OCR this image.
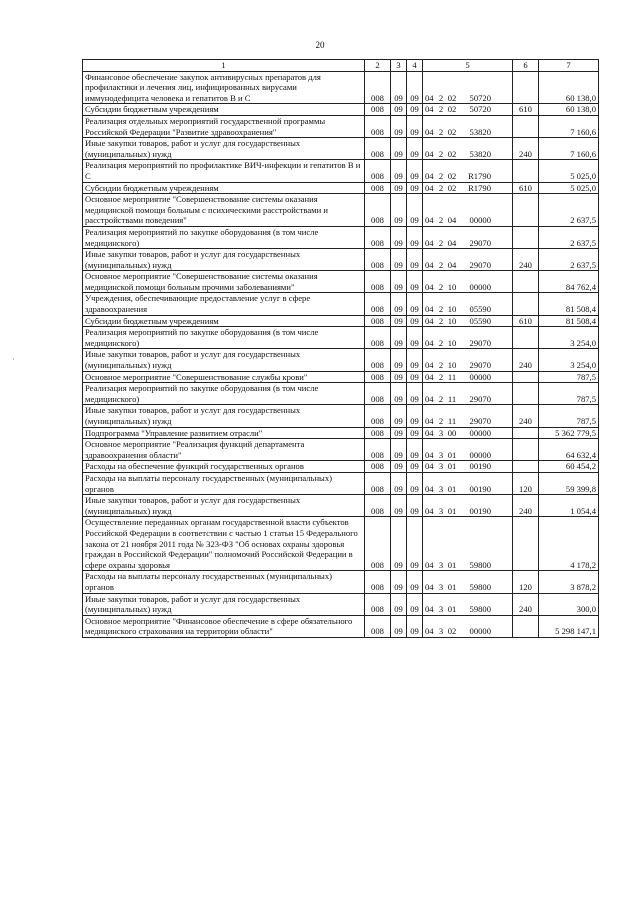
20
·
1	2	3	4	5	6	7
Финансовое обеспечение закупок антивирусных препаратов для профилактики и лечения лиц, инфицированных вирусами иммунодефицита человека и гепатитов В и С	008	09	09	04 2 02 50720		60 138,0
Субсидии бюджетным учреждениям	008	09	09	04 2 02 50720	610	60 138,0
Реализация отдельных мероприятий государственной программы Российской Федерации "Развитие здравоохранения"	008	09	09	04 2 02 53820		7 160,6
Иные закупки товаров, работ и услуг для государственных (муниципальных) нужд	008	09	09	04 2 02 53820	240	7 160,6
Реализация мероприятий по профилактике ВИЧ-инфекции и гепатитов В и С	008	09	09	04 2 02 R1790		5 025,0
Субсидии бюджетным учреждениям	008	09	09	04 2 02 R1790	610	5 025,0
Основное мероприятие "Совершенствование системы оказания медицинской помощи больным с психическими расстройствами и расстройствами поведения"	008	09	09	04 2 04 00000		2 637,5
Реализация мероприятий по закупке оборудования (в том числе медицинского)	008	09	09	04 2 04 29070		2 637,5
Иные закупки товаров, работ и услуг для государственных (муниципальных) нужд	008	09	09	04 2 04 29070	240	2 637,5
Основное мероприятие "Совершенствование системы оказания медицинской помощи больным прочими заболеваниями"	008	09	09	04 2 10 00000		84 762,4
Учреждения, обеспечивающие предоставление услуг в сфере здравоохранения	008	09	09	04 2 10 05590		81 508,4
Субсидии бюджетным учреждениям	008	09	09	04 2 10 05590	610	81 508,4
Реализация мероприятий по закупке оборудования (в том числе медицинского)	008	09	09	04 2 10 29070		3 254,0
Иные закупки товаров, работ и услуг для государственных (муниципальных) нужд	008	09	09	04 2 10 29070	240	3 254,0
Основное мероприятие "Совершенствование службы крови"	008	09	09	04 2 11 00000		787,5
Реализация мероприятий по закупке оборудования (в том числе медицинского)	008	09	09	04 2 11 29070		787,5
Иные закупки товаров, работ и услуг для государственных (муниципальных) нужд	008	09	09	04 2 11 29070	240	787,5
Подпрограмма "Управление развитием отрасли"	008	09	09	04 3 00 00000		5 362 779,5
Основное мероприятие "Реализация функций департамента здравоохранения области"	008	09	09	04 3 01 00000		64 632,4
Расходы на обеспечение функций государственных органов	008	09	09	04 3 01 00190		60 454,2
Расходы на выплаты персоналу государственных (муниципальных) органов	008	09	09	04 3 01 00190	120	59 399,8
Иные закупки товаров, работ и услуг для государственных (муниципальных) нужд	008	09	09	04 3 01 00190	240	1 054,4
Осуществление переданных органам государственной власти субъектов Российской Федерации в соответствии с частью 1 статьи 15 Федерального закона от 21 ноября 2011 года № 323-ФЗ "Об основах охраны здоровья граждан в Российской Федерации" полномочий Российской Федерации в сфере охраны здоровья	008	09	09	04 3 01 59800		4 178,2
Расходы на выплаты персоналу государственных (муниципальных) органов	008	09	09	04 3 01 59800	120	3 878,2
Иные закупки товаров, работ и услуг для государственных (муниципальных) нужд	008	09	09	04 3 01 59800	240	300,0
Основное мероприятие "Финансовое обеспечение в сфере обязательного медицинского страхования на территории области"	008	09	09	04 3 02 00000		5 298 147,1
